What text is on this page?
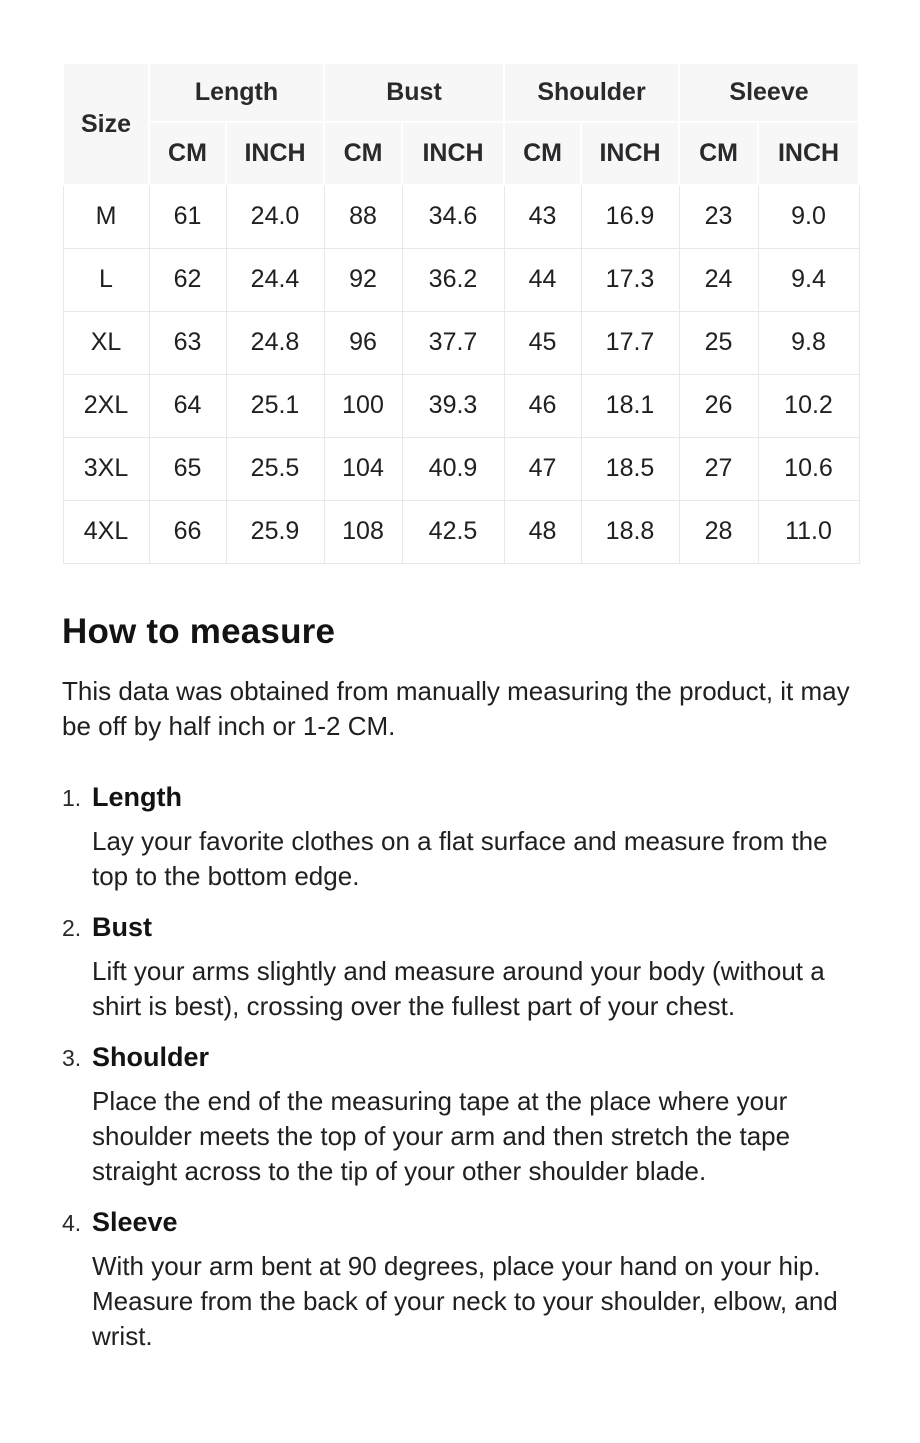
Size	Length		Bust		Shoulder		Sleeve	
	CM	INCH	CM	INCH	CM	INCH	CM	INCH
M	61	24.0	88	34.6	43	16.9	23	9.0
L	62	24.4	92	36.2	44	17.3	24	9.4
XL	63	24.8	96	37.7	45	17.7	25	9.8
2XL	64	25.1	100	39.3	46	18.1	26	10.2
3XL	65	25.5	104	40.9	47	18.5	27	10.6
4XL	66	25.9	108	42.5	48	18.8	28	11.0
How to measure

This data was obtained from manually measuring the product, it may be off by half inch or 1-2 CM.

1. Length

Lay your favorite clothes on a flat surface and measure from the top to the bottom edge.

2. Bust

Lift your arms slightly and measure around your body (without a shirt is best), crossing over the fullest part of your chest.

3. Shoulder

Place the end of the measuring tape at the place where your shoulder meets the top of your arm and then stretch the tape straight across to the tip of your other shoulder blade.

4. Sleeve

With your arm bent at 90 degrees, place your hand on your hip. Measure from the back of your neck to your shoulder, elbow, and wrist.
